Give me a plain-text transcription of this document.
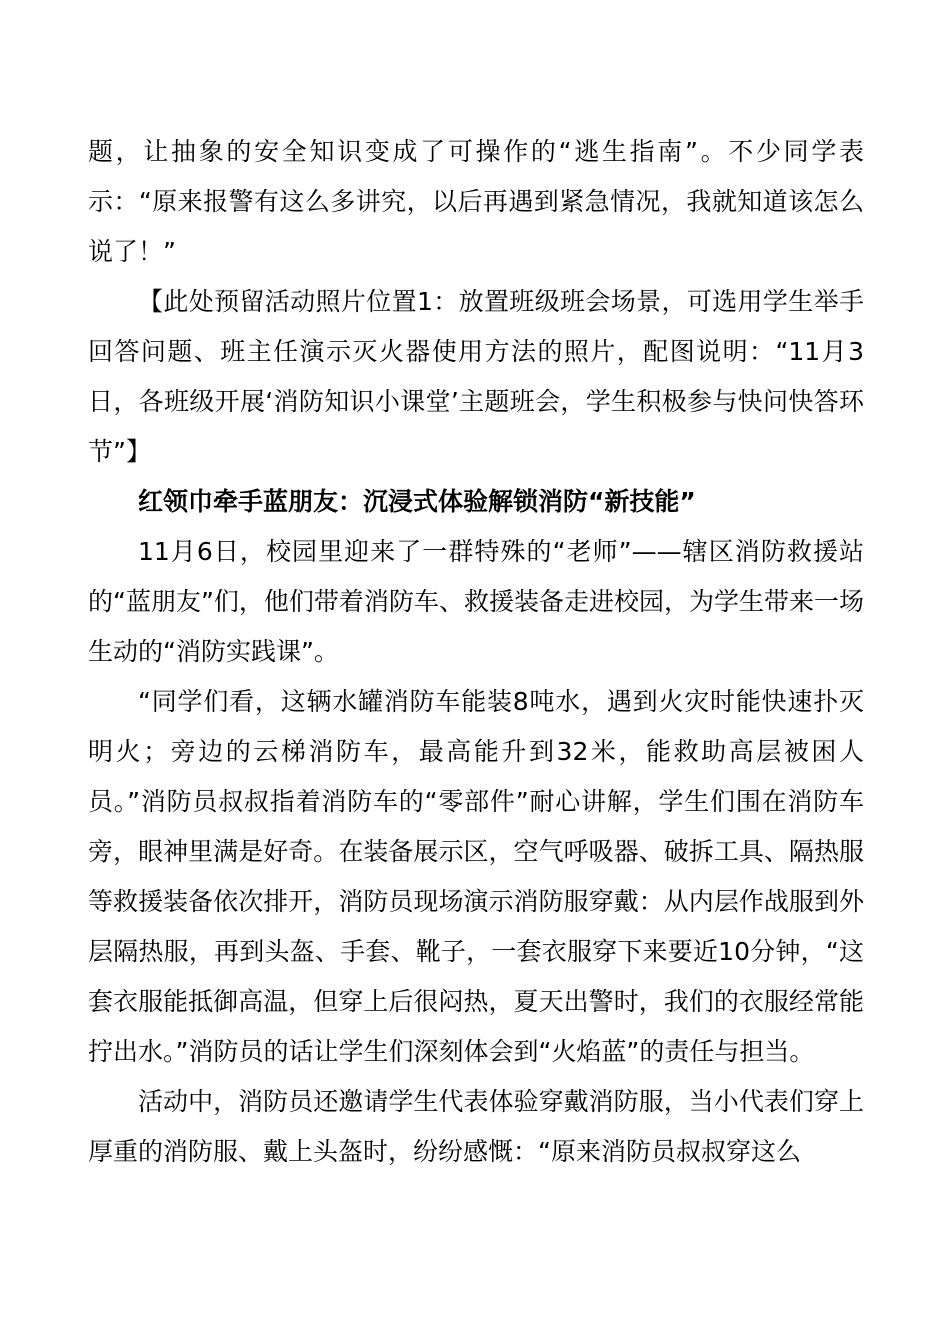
题，让抽象的安全知识变成了可操作的“逃生指南”。不少同学表示：“原来报警有这么多讲究，以后再遇到紧急情况，我就知道该怎么说了！”

【此处预留活动照片位置1：放置班级班会场景，可选用学生举手回答问题、班主任演示灭火器使用方法的照片，配图说明：“11月3日，各班级开展‘消防知识小课堂’主题班会，学生积极参与快问快答环节”】

红领巾牵手蓝朋友：沉浸式体验解锁消防“新技能”

11月6日，校园里迎来了一群特殊的“老师”——辖区消防救援站的“蓝朋友”们，他们带着消防车、救援装备走进校园，为学生带来一场生动的“消防实践课”。

“同学们看，这辆水罐消防车能装8吨水，遇到火灾时能快速扑灭明火；旁边的云梯消防车，最高能升到32米，能救助高层被困人员。”消防员叔叔指着消防车的“零部件”耐心讲解，学生们围在消防车旁，眼神里满是好奇。在装备展示区，空气呼吸器、破拆工具、隔热服等救援装备依次排开，消防员现场演示消防服穿戴：从内层作战服到外层隔热服，再到头盔、手套、靴子，一套衣服穿下来要近10分钟，“这套衣服能抵御高温，但穿上后很闷热，夏天出警时，我们的衣服经常能拧出水。”消防员的话让学生们深刻体会到“火焰蓝”的责任与担当。

活动中，消防员还邀请学生代表体验穿戴消防服，当小代表们穿上厚重的消防服、戴上头盔时，纷纷感慨：“原来消防员叔叔穿这么
